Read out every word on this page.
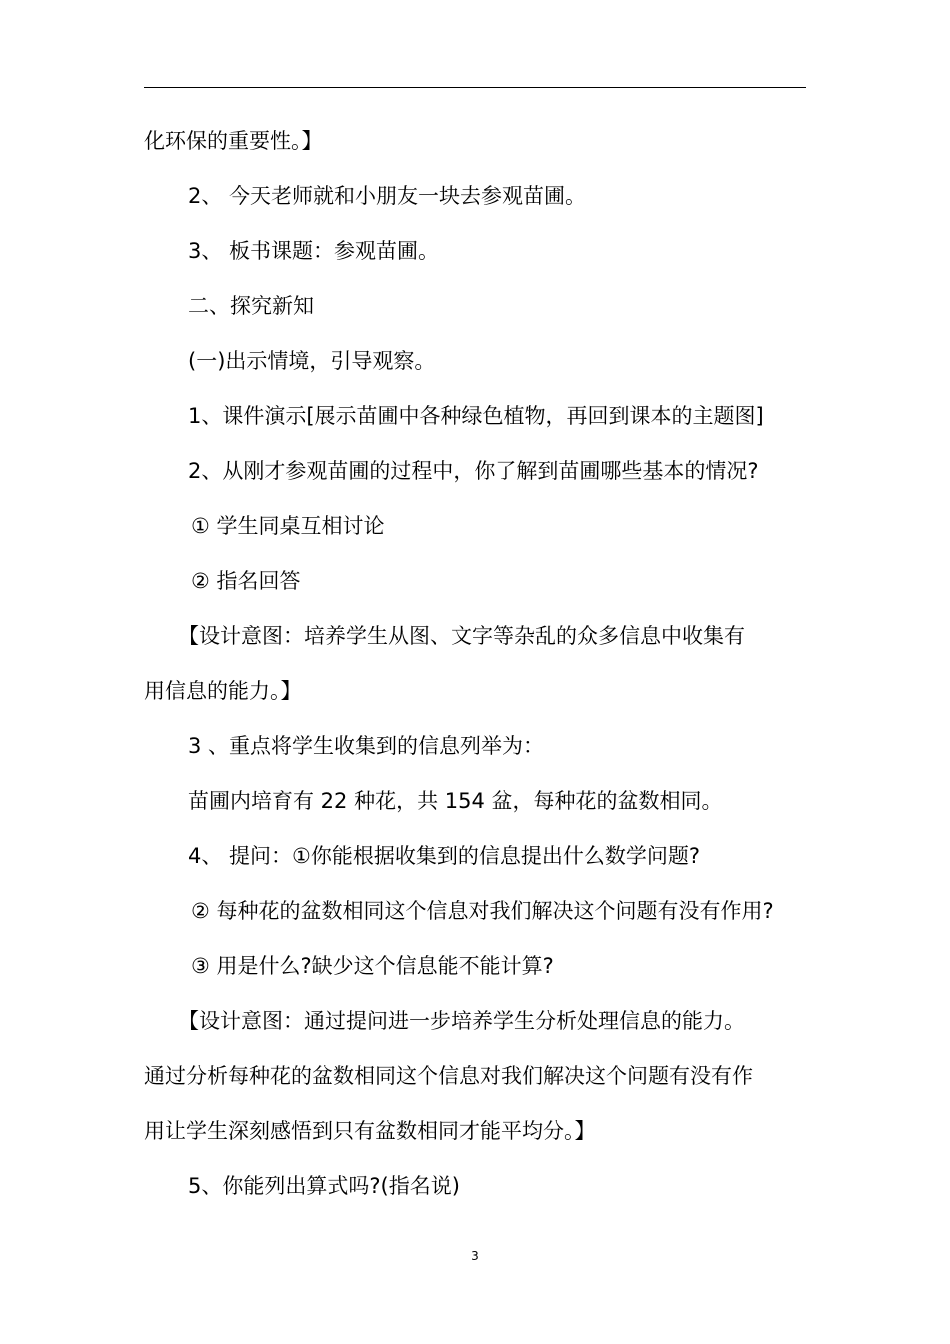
化环保的重要性。】
2、 今天老师就和小朋友一块去参观苗圃。
3、 板书课题：参观苗圃。
二、探究新知
(一)出示情境，引导观察。
1、课件演示[展示苗圃中各种绿色植物，再回到课本的主题图]
2、从刚才参观苗圃的过程中，你了解到苗圃哪些基本的情况?
① 学生同桌互相讨论
② 指名回答
【设计意图：培养学生从图、文字等杂乱的众多信息中收集有
用信息的能力。】
3 、重点将学生收集到的信息列举为：
苗圃内培育有 22 种花，共 154 盆，每种花的盆数相同。
4、 提问：①你能根据收集到的信息提出什么数学问题?
② 每种花的盆数相同这个信息对我们解决这个问题有没有作用?
③ 用是什么?缺少这个信息能不能计算?
【设计意图：通过提问进一步培养学生分析处理信息的能力。
通过分析每种花的盆数相同这个信息对我们解决这个问题有没有作
用让学生深刻感悟到只有盆数相同才能平均分。】
5、你能列出算式吗?(指名说)
3
